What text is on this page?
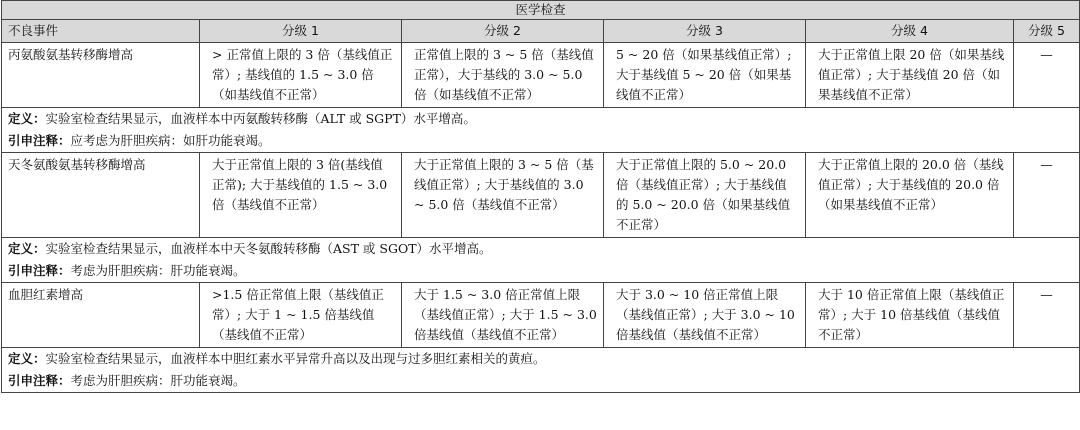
医学检查					
不良事件	分级 1	分级 2	分级 3	分级 4	分级 5
丙氨酸氨基转移酶增高	> 正常值上限的 3 倍（基线值正常）; 基线值的 1.5 ~ 3.0 倍（如基线值不正常）	正常值上限的 3 ~ 5 倍（基线值正常），大于基线的 3.0 ~ 5.0 倍（如基线值不正常）	5 ~ 20 倍（如果基线值正常）; 大于基线值 5 ~ 20 倍（如果基线值不正常）	大于正常值上限 20 倍（如果基线值正常）; 大于基线值 20 倍（如果基线值不正常）	—
定义：实验室检查结果显示，血液样本中丙氨酸转移酶（ALT 或 SGPT）水平增高。					
引申注释：应考虑为肝胆疾病：如肝功能衰竭。					
天冬氨酸氨基转移酶增高	大于正常值上限的 3 倍(基线值正常); 大于基线值的 1.5 ~ 3.0 倍（基线值不正常）	大于正常值上限的 3 ~ 5 倍（基线值正常）; 大于基线值的 3.0 ~ 5.0 倍（基线值不正常）	大于正常值上限的 5.0 ~ 20.0 倍（基线值正常）; 大于基线值的 5.0 ~ 20.0 倍（如果基线值不正常）	大于正常值上限的 20.0 倍（基线值正常）; 大于基线值的 20.0 倍（如果基线值不正常）	—
定义：实验室检查结果显示，血液样本中天冬氨酸转移酶（AST 或 SGOT）水平增高。					
引申注释：考虑为肝胆疾病：肝功能衰竭。					
血胆红素增高	>1.5 倍正常值上限（基线值正常）; 大于 1 ~ 1.5 倍基线值（基线值不正常）	大于 1.5 ~ 3.0 倍正常值上限（基线值正常）; 大于 1.5 ~ 3.0 倍基线值（基线值不正常）	大于 3.0 ~ 10 倍正常值上限（基线值正常）; 大于 3.0 ~ 10 倍基线值（基线值不正常）	大于 10 倍正常值上限（基线值正常）; 大于 10 倍基线值（基线值不正常）	—
定义：实验室检查结果显示，血液样本中胆红素水平异常升高以及出现与过多胆红素相关的黄疸。					
引申注释：考虑为肝胆疾病：肝功能衰竭。					
